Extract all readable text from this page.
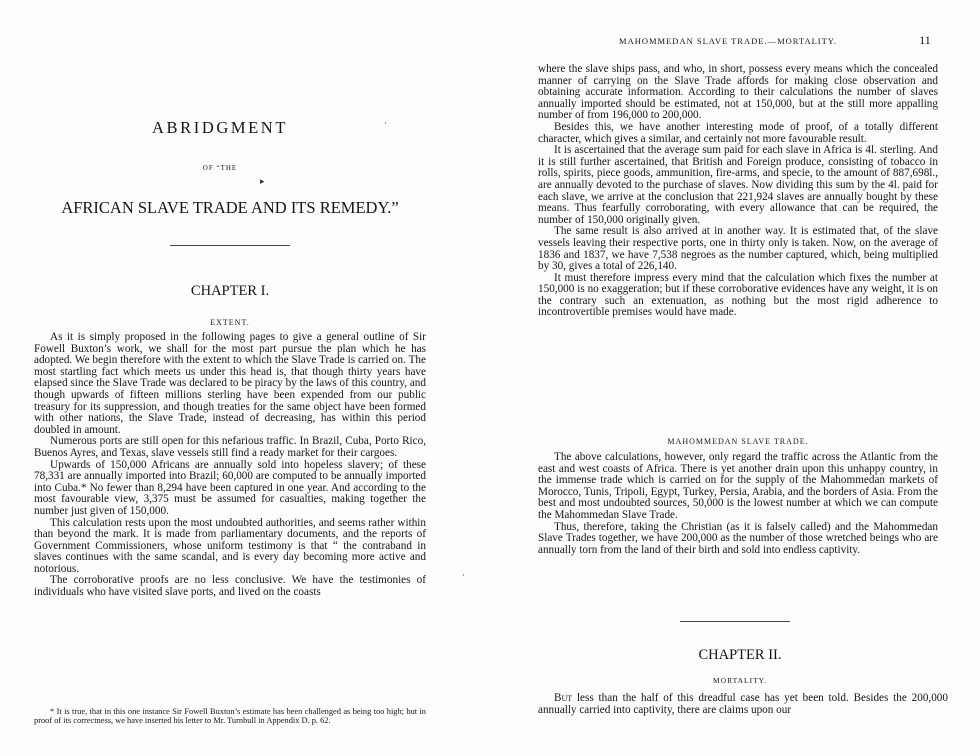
ABRIDGMENT	·
OF “THE
▸
AFRICAN SLAVE TRADE AND ITS REMEDY.”
CHAPTER I.
EXTENT.

As it is simply proposed in the following pages to give a general outline of Sir Fowell Buxton’s work, we shall for the most part pursue the plan which he has adopted. We begin therefore with the extent to which the Slave Trade is carried on. The most startling fact which meets us under this head is, that though thirty years have elapsed since the Slave Trade was declared to be piracy by the laws of this country, and though upwards of fifteen millions sterling have been expended from our public treasury for its suppression, and though treaties for the same object have been formed with other nations, the Slave Trade, instead of decreasing, has within this period doubled in amount.

Numerous ports are still open for this nefarious traffic. In Brazil, Cuba, Porto Rico, Buenos Ayres, and Texas, slave vessels still find a ready market for their cargoes.

Upwards of 150,000 Africans are annually sold into hopeless slavery; of these 78,331 are annually imported into Brazil; 60,000 are computed to be annually imported into Cuba.* No fewer than 8,294 have been captured in one year. And according to the most favourable view, 3,375 must be assumed for casualties, making together the number just given of 150,000.

This calculation rests upon the most undoubted authorities, and seems rather within than beyond the mark. It is made from parliamentary documents, and the reports of Government Commissioners, whose uniform testimony is that “ the contraband in slaves continues with the same scandal, and is every day becoming more active and notorious.

The corroborative proofs are no less conclusive. We have the testimonies of individuals who have visited slave ports, and lived on the coasts

* It is true, that in this one instance Sir Fowell Buxton’s estimate has been challenged as being too high; but in proof of its correctness, we have inserted his letter to Mr. Turnbull in Appendix D. p. 62.

·
MAHOMMEDAN SLAVE TRADE.—MORTALITY.	11

where the slave ships pass, and who, in short, possess every means which the concealed manner of carrying on the Slave Trade affords for making close observation and obtaining accurate information. According to their calculations the number of slaves annually imported should be estimated, not at 150,000, but at the still more appalling number of from 196,000 to 200,000.

Besides this, we have another interesting mode of proof, of a totally different character, which gives a similar, and certainly not more favourable result.

It is ascertained that the average sum paid for each slave in Africa is 4l. sterling. And it is still further ascertained, that British and Foreign produce, consisting of tobacco in rolls, spirits, piece goods, ammunition, fire-arms, and specie, to the amount of 887,698l., are annually devoted to the purchase of slaves. Now dividing this sum by the 4l. paid for each slave, we arrive at the conclusion that 221,924 slaves are annually bought by these means. Thus fearfully corroborating, with every allowance that can be required, the number of 150,000 originally given.

The same result is also arrived at in another way. It is estimated that, of the slave vessels leaving their respective ports, one in thirty only is taken. Now, on the average of 1836 and 1837, we have 7,538 negroes as the number captured, which, being multiplied by 30, gives a total of 226,140.

It must therefore impress every mind that the calculation which fixes the number at 150,000 is no exaggeration; but if these corroborative evidences have any weight, it is on the contrary such an extenuation, as nothing but the most rigid adherence to incontrovertible premises would have made.

MAHOMMEDAN SLAVE TRADE.

The above calculations, however, only regard the traffic across the Atlantic from the east and west coasts of Africa. There is yet another drain upon this unhappy country, in the immense trade which is carried on for the supply of the Mahommedan markets of Morocco, Tunis, Tripoli, Egypt, Turkey, Persia, Arabia, and the borders of Asia. From the best and most undoubted sources, 50,000 is the lowest number at which we can compute the Mahommedan Slave Trade.

Thus, therefore, taking the Christian (as it is falsely called) and the Mahommedan Slave Trades together, we have 200,000 as the number of those wretched beings who are annually torn from the land of their birth and sold into endless captivity.

CHAPTER II.
MORTALITY.

But less than the half of this dreadful case has yet been told. Besides the 200,000 annually carried into captivity, there are claims upon our
